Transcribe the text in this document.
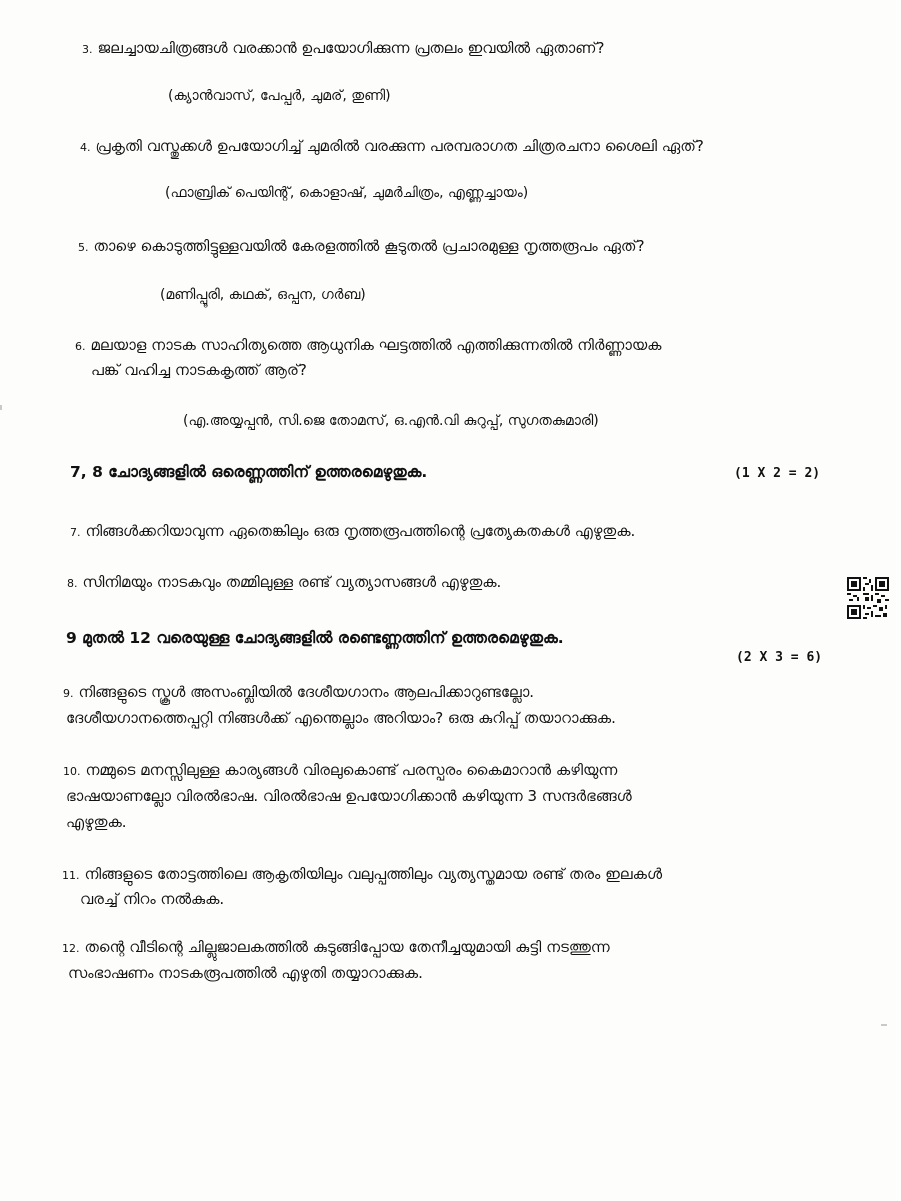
3. ജലച്ചായചിത്രങ്ങൾ വരക്കാൻ ഉപയോഗിക്കുന്ന പ്രതലം ഇവയിൽ ഏതാണ്?
(ക്യാൻവാസ്, പേപ്പർ, ചുമര്, തുണി)
4. പ്രകൃതി വസ്തുക്കൾ ഉപയോഗിച്ച് ചുമരിൽ വരക്കുന്ന പരമ്പരാഗത ചിത്രരചനാ ശൈലി ഏത്?
(ഫാബ്രിക് പെയിന്റ്, കൊളാഷ്, ചുമർചിത്രം, എണ്ണച്ചായം)
5. താഴെ കൊടുത്തിട്ടുള്ളവയിൽ കേരളത്തിൽ കൂടുതൽ പ്രചാരമുള്ള നൃത്തരൂപം ഏത്?
(മണിപ്പൂരി, കഥക്, ഒപ്പന, ഗർബ)
6. മലയാള നാടക സാഹിത്യത്തെ ആധുനിക ഘട്ടത്തിൽ എത്തിക്കുന്നതിൽ നിർണ്ണായക
പങ്ക് വഹിച്ച നാടകകൃത്ത് ആര്?
(എ.അയ്യപ്പൻ, സി.ജെ തോമസ്, ഒ.എൻ.വി കുറുപ്പ്, സുഗതകുമാരി)
7, 8 ചോദ്യങ്ങളിൽ ഒരെണ്ണത്തിന് ഉത്തരമെഴുതുക.	(1 X 2 = 2)
7. നിങ്ങൾക്കറിയാവുന്ന ഏതെങ്കിലും ഒരു നൃത്തരൂപത്തിന്റെ പ്രത്യേകതകൾ എഴുതുക.
8. സിനിമയും നാടകവും തമ്മിലുള്ള രണ്ട് വ്യത്യാസങ്ങൾ എഴുതുക.
9 മുതൽ 12 വരെയുള്ള ചോദ്യങ്ങളിൽ രണ്ടെണ്ണത്തിന് ഉത്തരമെഴുതുക.
(2 X 3 = 6)
9. നിങ്ങളുടെ സ്കൂൾ അസംബ്ലിയിൽ ദേശീയഗാനം ആലപിക്കാറുണ്ടല്ലോ.
ദേശീയഗാനത്തെപ്പറ്റി നിങ്ങൾക്ക് എന്തെല്ലാം അറിയാം? ഒരു കുറിപ്പ് തയാറാക്കുക.
10. നമ്മുടെ മനസ്സിലുള്ള കാര്യങ്ങൾ വിരലുകൊണ്ട് പരസ്പരം കൈമാറാൻ കഴിയുന്ന
ഭാഷയാണല്ലോ വിരൽഭാഷ. വിരൽഭാഷ ഉപയോഗിക്കാൻ കഴിയുന്ന 3 സന്ദർഭങ്ങൾ
എഴുതുക.
11. നിങ്ങളുടെ തോട്ടത്തിലെ ആകൃതിയിലും വലുപ്പത്തിലും വ്യത്യസ്തമായ രണ്ട് തരം ഇലകൾ
വരച്ച് നിറം നൽകുക.
12. തന്റെ വീടിന്റെ ചില്ലുജാലകത്തിൽ കുടുങ്ങിപ്പോയ തേനീച്ചയുമായി കുട്ടി നടത്തുന്ന
സംഭാഷണം നാടകരൂപത്തിൽ എഴുതി തയ്യാറാക്കുക.
